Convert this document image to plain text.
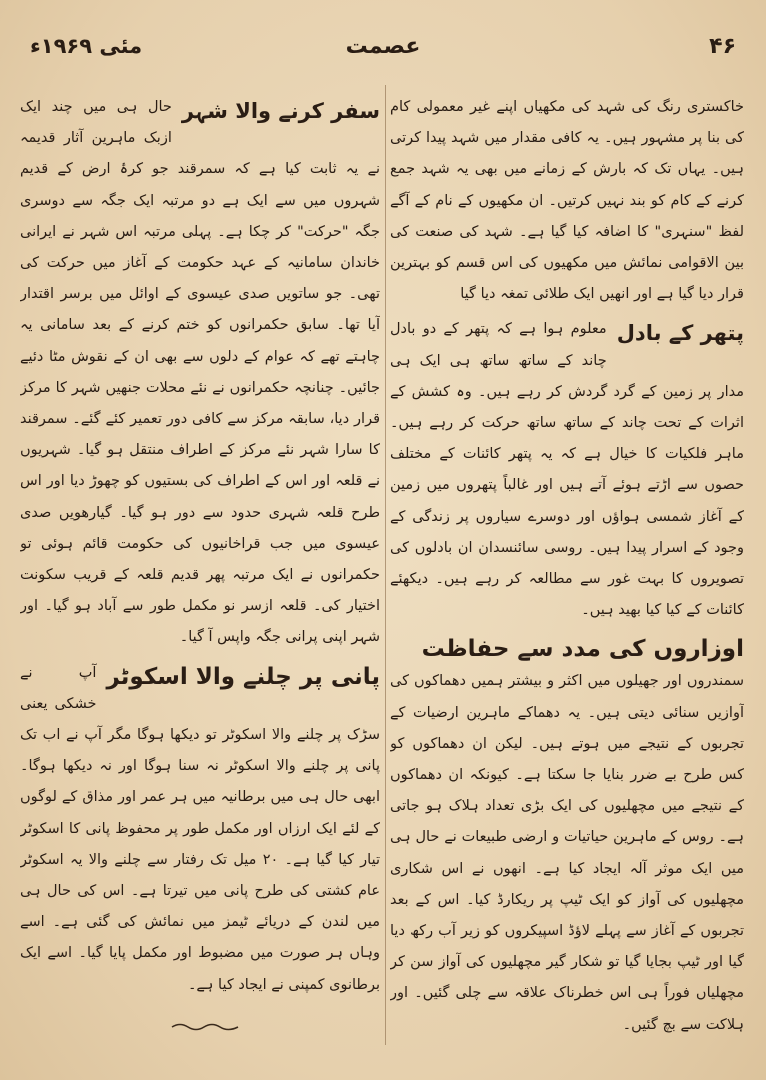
۴۶
عصمت
مئی ۱۹۶۹ء
خاکستری رنگ کی شہد کی مکھیاں اپنے غیر معمولی کام کی بنا پر مشہور ہیں۔ یہ کافی مقدار میں شہد پیدا کرتی ہیں۔ یہاں تک کہ بارش کے زمانے میں بھی یہ شہد جمع کرنے کے کام کو بند نہیں کرتیں۔ ان مکھیوں کے نام کے آگے لفظ "سنہری" کا اضافہ کیا گیا ہے۔ شہد کی صنعت کی بین الاقوامی نمائش میں مکھیوں کی اس قسم کو بہترین قرار دیا گیا ہے اور انھیں ایک طلائی تمغہ دیا گیا
پتھر کے بادل
معلوم ہوا ہے کہ پتھر کے دو بادل چاند کے ساتھ ساتھ ہی ایک ہی مدار پر زمین کے گرد گردش کر رہے ہیں۔ وہ کشش کے اثرات کے تحت چاند کے ساتھ ساتھ حرکت کر رہے ہیں۔ ماہر فلکیات کا خیال ہے کہ یہ پتھر کائنات کے مختلف حصوں سے اڑتے ہوئے آتے ہیں اور غالباً پتھروں میں زمین کے آغاز شمسی ہواؤں اور دوسرے سیاروں پر زندگی کے وجود کے اسرار پیدا ہیں۔ روسی سائنسدان ان بادلوں کی تصویروں کا بہت غور سے مطالعہ کر رہے ہیں۔ دیکھئے کائنات کے کیا کیا بھید ہیں۔
اوزاروں کی مدد سے حفاظت
سمندروں اور جھیلوں میں اکثر و بیشتر ہمیں دھماکوں کی آوازیں سنائی دیتی ہیں۔ یہ دھماکے ماہرین ارضیات کے تجربوں کے نتیجے میں ہوتے ہیں۔ لیکن ان دھماکوں کو کس طرح بے ضرر بنایا جا سکتا ہے۔ کیونکہ ان دھماکوں کے نتیجے میں مچھلیوں کی ایک بڑی تعداد ہلاک ہو جاتی ہے۔ روس کے ماہرین حیاتیات و ارضی طبیعات نے حال ہی میں ایک موثر آلہ ایجاد کیا ہے۔ انھوں نے اس شکاری مچھلیوں کی آواز کو ایک ٹیپ پر ریکارڈ کیا۔ اس کے بعد تجربوں کے آغاز سے پہلے لاؤڈ اسپیکروں کو زیر آب رکھ دیا گیا اور ٹیپ بجایا گیا تو شکار گیر مچھلیوں کی آواز سن کر مچھلیاں فوراً ہی اس خطرناک علاقہ سے چلی گئیں۔ اور ہلاکت سے بچ گئیں۔
سفر کرنے والا شہر
حال ہی میں چند ایک ازبک ماہرین آثار قدیمہ نے یہ ثابت کیا ہے کہ سمرقند جو کرۂ ارض کے قدیم شہروں میں سے ایک ہے دو مرتبہ ایک جگہ سے دوسری جگہ "حرکت" کر چکا ہے۔ پہلی مرتبہ اس شہر نے ایرانی خاندان سامانیہ کے عہد حکومت کے آغاز میں حرکت کی تھی۔ جو ساتویں صدی عیسوی کے اوائل میں برسر اقتدار آیا تھا۔ سابق حکمرانوں کو ختم کرنے کے بعد سامانی یہ چاہتے تھے کہ عوام کے دلوں سے بھی ان کے نقوش مٹا دئیے جائیں۔ چنانچہ حکمرانوں نے نئے محلات جنھیں شہر کا مرکز قرار دیا، سابقہ مرکز سے کافی دور تعمیر کئے گئے۔ سمرقند کا سارا شہر نئے مرکز کے اطراف منتقل ہو گیا۔ شہریوں نے قلعہ اور اس کے اطراف کی بستیوں کو چھوڑ دیا اور اس طرح قلعہ شہری حدود سے دور ہو گیا۔ گیارھویں صدی عیسوی میں جب قراخانیوں کی حکومت قائم ہوئی تو حکمرانوں نے ایک مرتبہ پھر قدیم قلعہ کے قریب سکونت اختیار کی۔ قلعہ ازسر نو مکمل طور سے آباد ہو گیا۔ اور شہر اپنی پرانی جگہ واپس آ گیا۔
پانی پر چلنے والا اسکوٹر
آپ نے خشکی یعنی سڑک پر چلنے والا اسکوٹر تو دیکھا ہوگا مگر آپ نے اب تک پانی پر چلنے والا اسکوٹر نہ سنا ہوگا اور نہ دیکھا ہوگا۔ ابھی حال ہی میں برطانیہ میں ہر عمر اور مذاق کے لوگوں کے لئے ایک ارزاں اور مکمل طور پر محفوظ پانی کا اسکوٹر تیار کیا گیا ہے۔ ۲۰ میل تک رفتار سے چلنے والا یہ اسکوٹر عام کشتی کی طرح پانی میں تیرتا ہے۔ اس کی حال ہی میں لندن کے دریائے ٹیمز میں نمائش کی گئی ہے۔ اسے وہاں ہر صورت میں مضبوط اور مکمل پایا گیا۔ اسے ایک برطانوی کمپنی نے ایجاد کیا ہے۔
